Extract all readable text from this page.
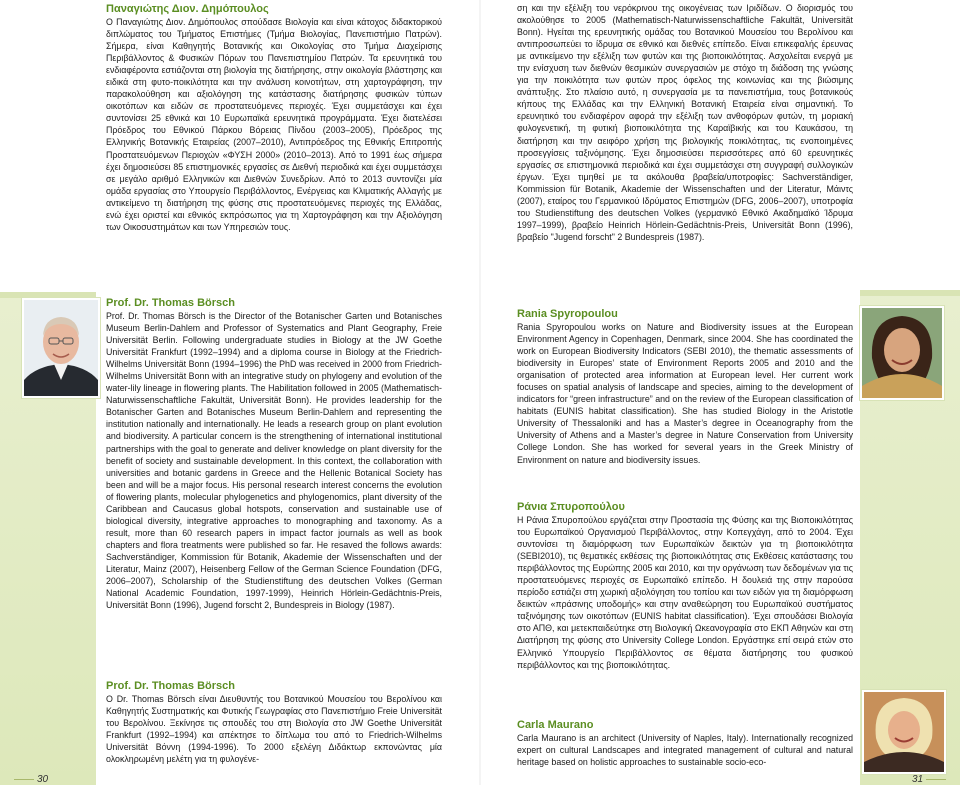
Παναγιώτης Διον. Δημόπουλος

Ο Παναγιώτης Διον. Δημόπουλος σπούδασε Βιολογία και είναι κάτοχος διδακτορικού διπλώματος του Τμήματος Επιστήμες (Τμήμα Βιολογίας, Πανεπιστήμιο Πατρών). Σήμερα, είναι Καθηγητής Βοτανικής και Οικολογίας στο Τμήμα Διαχείρισης Περιβάλλοντος & Φυσικών Πόρων του Πανεπιστημίου Πατρών. Τα ερευνητικά του ενδιαφέροντα εστιάζονται στη βιολογία της διατήρησης, στην οικολογία βλάστησης και ειδικά στη φυτο-ποικιλότητα και την ανάλυση κοινοτήτων, στη χαρτογράφηση, την παρακολούθηση και αξιολόγηση της κατάστασης διατήρησης φυσικών τύπων οικοτόπων και ειδών σε προστατευόμενες περιοχές. Έχει συμμετάσχει και έχει συντονίσει 25 εθνικά και 10 Ευρωπαϊκά ερευνητικά προγράμματα. Έχει διατελέσει Πρόεδρος του Εθνικού Πάρκου Βόρειας Πίνδου (2003–2005), Πρόεδρος της Ελληνικής Βοτανικής Εταιρείας (2007–2010), Αντιπρόεδρος της Εθνικής Επιτροπής Προστατευόμενων Περιοχών «ΦΥΣΗ 2000» (2010–2013). Από το 1991 έως σήμερα έχει δημοσιεύσει 85 επιστημονικές εργασίες σε Διεθνή περιοδικά και έχει συμμετάσχει σε μεγάλο αριθμό Ελληνικών και Διεθνών Συνεδρίων. Από το 2013 συντονίζει μία ομάδα εργασίας στο Υπουργείο Περιβάλλοντος, Ενέργειας και Κλιματικής Αλλαγής με αντικείμενο τη διατήρηση της φύσης στις προστατευόμενες περιοχές της Ελλάδας, ενώ έχει οριστεί και εθνικός εκπρόσωπος για τη Χαρτογράφηση και την Αξιολόγηση των Οικοσυστημάτων και των Υπηρεσιών τους.

Prof. Dr. Thomas Börsch

Prof. Dr. Thomas Börsch is the Director of the Botanischer Garten und Botanisches Museum Berlin-Dahlem and Professor of Systematics and Plant Geography, Freie Universität Berlin. Following undergraduate studies in Biology at the JW Goethe Universität Frankfurt (1992–1994) and a diploma course in Biology at the Friedrich-Wilhelms Universität Bonn (1994–1996) the PhD was received in 2000 from Friedrich-Wilhelms Universität Bonn with an integrative study on phylogeny and evolution of the water-lily lineage in flowering plants. The Habilitation followed in 2005 (Mathematisch-Naturwissenschaftliche Fakultät, Universität Bonn). He provides leadership for the Botanischer Garten and Botanisches Museum Berlin-Dahlem and representing the institution nationally and internationally. He leads a research group on plant evolution and biodiversity. A particular concern is the strengthening of international institutional partnerships with the goal to generate and deliver knowledge on plant diversity for the benefit of society and sustainable development. In this context, the collaboration with universities and botanic gardens in Greece and the Hellenic Botanical Society has been and will be a major focus. His personal research interest concerns the evolution of flowering plants, molecular phylogenetics and phylogenomics, plant diversity of the Caribbean and Caucasus global hotspots, conservation and sustainable use of biological diversity, integrative approaches to monographing and taxonomy. As a result, more than 60 research papers in impact factor journals as well as book chapters and flora treatments were published so far. He resaved the follows awards: Sachverständiger, Kommission für Botanik, Akademie der Wissenschaften und der Literatur, Mainz (2007), Heisenberg Fellow of the German Science Foundation (DFG, 2006–2007), Scholarship of the Studienstiftung des deutschen Volkes (German National Academic Foundation, 1997-1999), Heinrich Hörlein-Gedächtnis-Preis, Universität Bonn (1996), Jugend forscht 2, Bundespreis in Biology (1987).

Prof. Dr. Thomas Börsch

Ο Dr. Thomas Börsch είναι Διευθυντής του Βοτανικού Μουσείου του Βερολίνου και Καθηγητής Συστηματικής και Φυτικής Γεωγραφίας στο Πανεπιστήμιο Freie Universität του Βερολίνου. Ξεκίνησε τις σπουδές του στη Βιολογία στο JW Goethe Universität Frankfurt (1992–1994) και απέκτησε το δίπλωμα του από το Friedrich-Wilhelms Universität Βόννη (1994-1996). Το 2000 εξελέγη Διδάκτωρ εκπονώντας μία ολοκληρωμένη μελέτη για τη φυλογένε-

30

ση και την εξέλιξη του νερόκρινου της οικογένειας των Ιριδίδων. Ο διορισμός του ακολούθησε το 2005 (Mathematisch-Naturwissenschaftliche Fakultät, Universität Bonn). Ηγείται της ερευνητικής ομάδας του Βοτανικού Μουσείου του Βερολίνου και αντιπροσωπεύει το ίδρυμα σε εθνικό και διεθνές επίπεδο. Είναι επικεφαλής έρευνας με αντικείμενο την εξέλιξη των φυτών και της βιοποικιλότητας. Ασχολείται ενεργά με την ενίσχυση των διεθνών θεσμικών συνεργασιών με στόχο τη διάδοση της γνώσης για την ποικιλότητα των φυτών προς όφελος της κοινωνίας και της βιώσιμης ανάπτυξης. Στο πλαίσιο αυτό, η συνεργασία με τα πανεπιστήμια, τους βοτανικούς κήπους της Ελλάδας και την Ελληνική Βοτανική Εταιρεία είναι σημαντική. Το ερευνητικό του ενδιαφέρον αφορά την εξέλιξη των ανθοφόρων φυτών, τη μοριακή φυλογενετική, τη φυτική βιοποικιλότητα της Καραϊβικής και του Καυκάσου, τη διατήρηση και την αειφόρο χρήση της βιολογικής ποικιλότητας, τις ενοποιημένες προσεγγίσεις ταξινόμησης. Έχει δημοσιεύσει περισσότερες από 60 ερευνητικές εργασίες σε επιστημονικά περιοδικά και έχει συμμετάσχει στη συγγραφή συλλογικών έργων. Έχει τιμηθεί με τα ακόλουθα βραβεία/υποτροφίες: Sachverständiger, Kommission für Botanik, Akademie der Wissenschaften und der Literatur, Μάιντς (2007), εταίρος του Γερμανικού Ιδρύματος Επιστημών (DFG, 2006–2007), υποτροφία του Studienstiftung des deutschen Volkes (γερμανικό Εθνικό Ακαδημαϊκό Ίδρυμα 1997–1999), βραβείο Heinrich Hörlein-Gedächtnis-Preis, Universität Bonn (1996), βραβείο "Jugend forscht" 2 Bundespreis (1987).

Rania Spyropoulou

Rania Spyropoulou works on Nature and Biodiversity issues at the European Environment Agency in Copenhagen, Denmark, since 2004. She has coordinated the work on European Biodiversity Indicators (SEBI 2010), the thematic assessments of biodiversity in Europes’ state of Environment Reports 2005 and 2010 and the organisation of protected area information at European level. Her current work focuses on spatial analysis of landscape and species, aiming to the development of indicators for “green infrastructure” and on the review of the European classification of habitats (EUNIS habitat classification). She has studied Biology in the Aristotle University of Thessaloniki and has a Master’s degree in Oceanography from the University of Athens and a Master’s degree in Nature Conservation from University College London. She has worked for several years in the Greek Ministry of Environment on nature and biodiversity issues.

Ράνια Σπυροπούλου

Η Ράνια Σπυροπούλου εργάζεται στην Προστασία της Φύσης και της Βιοποικιλότητας του Ευρωπαϊκού Οργανισμού Περιβάλλοντος, στην Κοπεγχάγη, από το 2004. Έχει συντονίσει τη διαμόρφωση των Ευρωπαϊκών δεικτών για τη βιοποικιλότητα (SEBI2010), τις θεματικές εκθέσεις της βιοποικιλότητας στις Εκθέσεις κατάστασης του περιβάλλοντος της Ευρώπης 2005 και 2010, και την οργάνωση των δεδομένων για τις προστατευόμενες περιοχές σε Ευρωπαϊκό επίπεδο. Η δουλειά της στην παρούσα περίοδο εστιάζει στη χωρική αξιολόγηση του τοπίου και των ειδών για τη διαμόρφωση δεικτών «πράσινης υποδομής» και στην αναθεώρηση του Ευρωπαϊκού συστήματος ταξινόμησης των οικοτόπων (EUNIS habitat classification). Έχει σπουδάσει Βιολογία στο ΑΠΘ, και μετεκπαιδεύτηκε στη Βιολογική Ωκεανογραφία στο ΕΚΠ Αθηνών και στη Διατήρηση της φύσης στο University College London. Εργάστηκε επί σειρά ετών στο Ελληνικό Υπουργείο Περιβάλλοντος σε θέματα διατήρησης του φυσικού περιβάλλοντος και της βιοποικιλότητας.

Carla Maurano

Carla Maurano is an architect (University of Naples, Italy). Internationally recognized expert on cultural Landscapes and integrated management of cultural and natural heritage based on holistic approaches to sustainable socio-eco-

31
